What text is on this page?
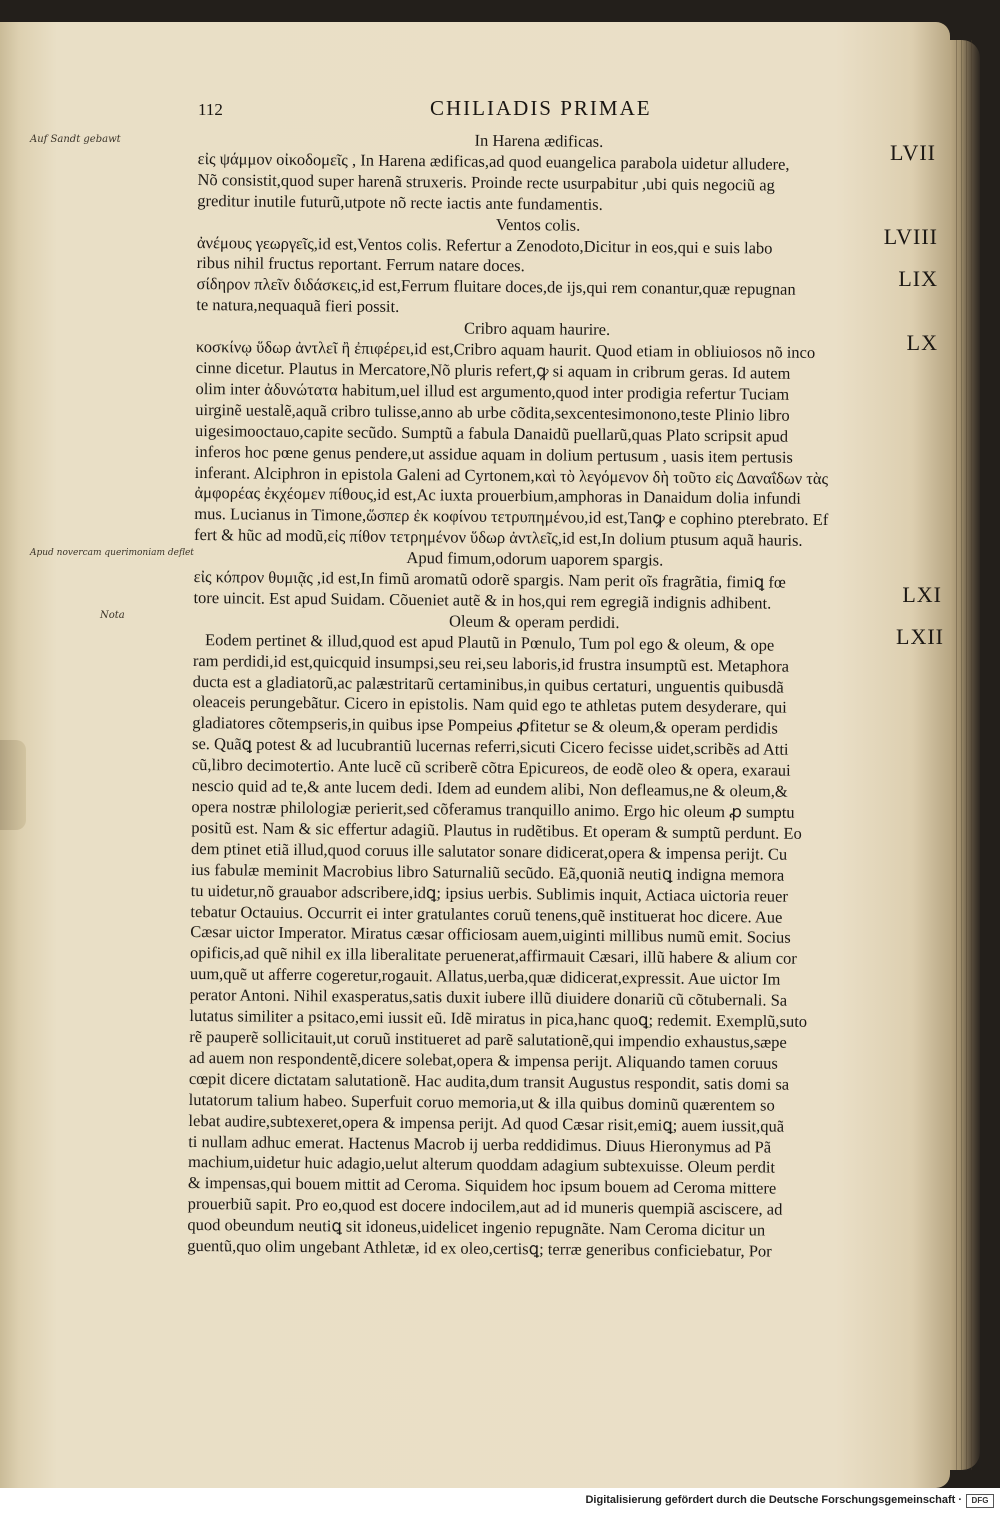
112	CHILIADIS PRIMAE
Auf Sandt gebawt
Apud novercam querimoniam deflet
Nota
In Harena ædificas.
εἰς ψάμμον οἰκοδομεῖς , In Harena ædificas,ad quod euangelica parabola uidetur alludere,
Nõ consistit,quod super harenã struxeris. Proinde recte usurpabitur ,ubi quis negociũ ag
greditur inutile futurũ,utpote nõ recte iactis ante fundamentis.
Ventos colis.
ἀνέμους γεωργεῖς,id est,Ventos colis. Refertur a Zenodoto,Dicitur in eos,qui e suis labo
ribus nihil fructus reportant. Ferrum natare doces.
σίδηρον πλεῖν διδάσκεις,id est,Ferrum fluitare doces,de ijs,qui rem conantur,quæ repugnan
te natura,nequaquã fieri possit.
Cribro aquam haurire.
κοσκίνῳ ὕδωρ ἀντλεῖ ἢ ἐπιφέρει,id est,Cribro aquam haurit. Quod etiam in obliuiosos nõ inco
cinne dicetur. Plautus in Mercatore,Nõ pluris refert,ꝙ si aquam in cribrum geras. Id autem
olim inter ἀδυνώτατα habitum,uel illud est argumento,quod inter prodigia refertur Tuciam
uirginẽ uestalẽ,aquã cribro tulisse,anno ab urbe cõdita,sexcentesimonono,teste Plinio libro
uigesimooctauo,capite secũdo. Sumptũ a fabula Danaidũ puellarũ,quas Plato scripsit apud
inferos hoc pœne genus pendere,ut assidue aquam in dolium pertusum , uasis item pertusis
inferant. Alciphron in epistola Galeni ad Cyrtonem,καὶ τὸ λεγόμενον δὴ τοῦτο εἰς Δαναΐδων τὰς
ἀμφορέας ἐκχέομεν πίθους,id est,Ac iuxta prouerbium,amphoras in Danaidum dolia infundi
mus. Lucianus in Timone,ὥσπερ ἐκ κοφίνου τετρυπημένου,id est,Tanꝙ e cophino pterebrato. Ef
fert & hũc ad modũ,εἰς πίθον τετρημένον ὕδωρ ἀντλεῖς,id est,In dolium ptusum aquã hauris.
Apud fimum,odorum uaporem spargis.
εἰς κόπρον θυμιᾷς ,id est,In fimũ aromatũ odorẽ spargis. Nam perit oĩs fragrãtia, fimiꝗ fœ
tore uincit. Est apud Suidam. Cõueniet autẽ & in hos,qui rem egregiã indignis adhibent.
Oleum & operam perdidi.
Eodem pertinet & illud,quod est apud Plautũ in Pœnulo, Tum pol ego & oleum, & ope
ram perdidi,id est,quicquid insumpsi,seu rei,seu laboris,id frustra insumptũ est. Metaphora
ducta est a gladiatorũ,ac palæstritarũ certaminibus,in quibus certaturi, unguentis quibusdã
oleaceis perungebãtur. Cicero in epistolis. Nam quid ego te athletas putem desyderare, qui
gladiatores cõtempseris,in quibus ipse Pompeius ꝓfitetur se & oleum,& operam perdidis
se. Quãꝗ potest & ad lucubrantiũ lucernas referri,sicuti Cicero fecisse uidet,scribẽs ad Atti
cũ,libro decimotertio. Ante lucẽ cũ scriberẽ cõtra Epicureos, de eodẽ oleo & opera, exaraui
nescio quid ad te,& ante lucem dedi. Idem ad eundem alibi, Non defleamus,ne & oleum,&
opera nostræ philologiæ perierit,sed cõferamus tranquillo animo. Ergo hic oleum ꝓ sumptu
positũ est. Nam & sic effertur adagiũ. Plautus in rudẽtibus. Et operam & sumptũ perdunt. Eo
dem ptinet etiã illud,quod coruus ille salutator sonare didicerat,opera & impensa perijt. Cu
ius fabulæ meminit Macrobius libro Saturnaliũ secũdo. Eã,quoniã neutiꝗ indigna memora
tu uidetur,nõ grauabor adscribere,idꝗ; ipsius uerbis. Sublimis inquit, Actiaca uictoria reuer
tebatur Octauius. Occurrit ei inter gratulantes coruũ tenens,quẽ instituerat hoc dicere. Aue
Cæsar uictor Imperator. Miratus cæsar officiosam auem,uiginti millibus numũ emit. Socius
opificis,ad quẽ nihil ex illa liberalitate peruenerat,affirmauit Cæsari, illũ habere & alium cor
uum,quẽ ut afferre cogeretur,rogauit. Allatus,uerba,quæ didicerat,expressit. Aue uictor Im
perator Antoni. Nihil exasperatus,satis duxit iubere illũ diuidere donariũ cũ cõtubernali. Sa
lutatus similiter a psitaco,emi iussit eũ. Idẽ miratus in pica,hanc quoꝗ; redemit. Exemplũ,suto
rẽ pauperẽ sollicitauit,ut coruũ institueret ad parẽ salutationẽ,qui impendio exhaustus,sæpe
ad auem non respondentẽ,dicere solebat,opera & impensa perijt. Aliquando tamen coruus
cœpit dicere dictatam salutationẽ. Hac audita,dum transit Augustus respondit, satis domi sa
lutatorum talium habeo. Superfuit coruo memoria,ut & illa quibus dominũ quærentem so
lebat audire,subtexeret,opera & impensa perijt. Ad quod Cæsar risit,emiꝗ; auem iussit,quã
ti nullam adhuc emerat. Hactenus Macrob ij uerba reddidimus. Diuus Hieronymus ad Pã
machium,uidetur huic adagio,uelut alterum quoddam adagium subtexuisse. Oleum perdit
& impensas,qui bouem mittit ad Ceroma. Siquidem hoc ipsum bouem ad Ceroma mittere
prouerbiũ sapit. Pro eo,quod est docere indocilem,aut ad id muneris quempiã asciscere, ad
quod obeundum neutiꝗ sit idoneus,uidelicet ingenio repugnãte. Nam Ceroma dicitur un
guentũ,quo olim ungebant Athletæ, id ex oleo,certisꝗ; terræ generibus conficiebatur, Por
LVII
LVIII
LIX
LX
LXI
LXII
Digitalisierung gefördert durch die Deutsche Forschungsgemeinschaft ·	DFG
